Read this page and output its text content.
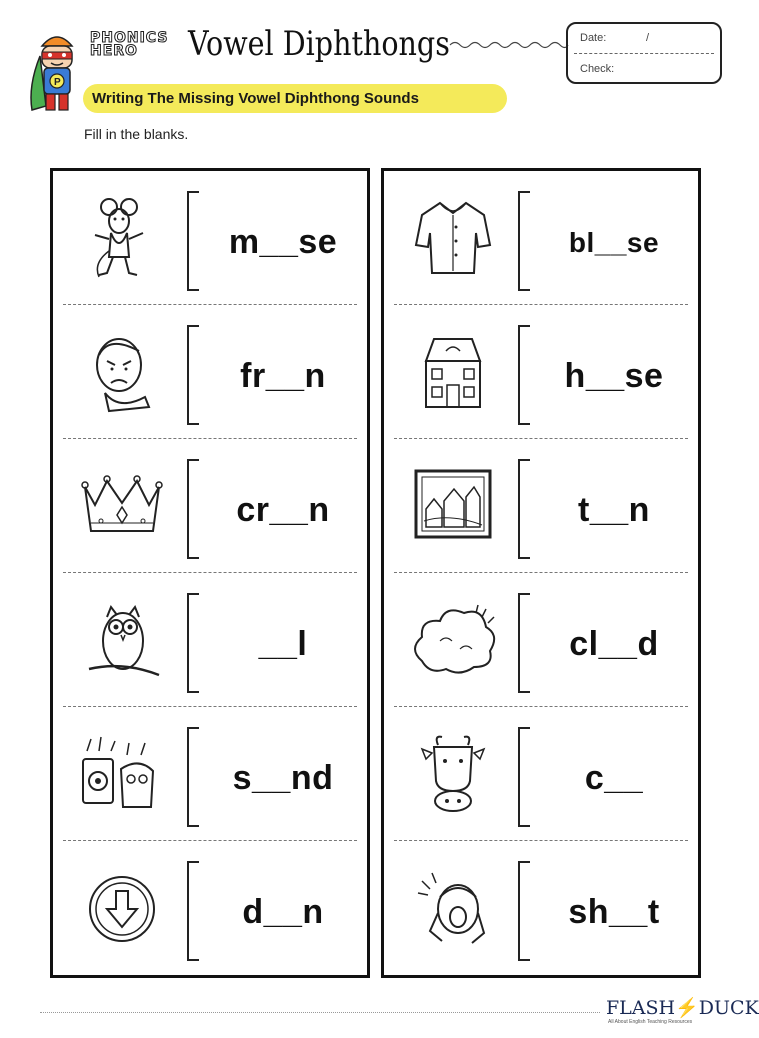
P
PHONICS
HERO	Vowel Diphthongs	Date:	/
Check:
Writing The Missing Vowel Diphthong Sounds
Fill in the blanks.
m__se
fr__n
cr__n
__l
s__nd
d__n
bl__se
h__se
t__n
cl__d
c__
sh__t
FLASH⚡DUCK
All About English Teaching Resources
